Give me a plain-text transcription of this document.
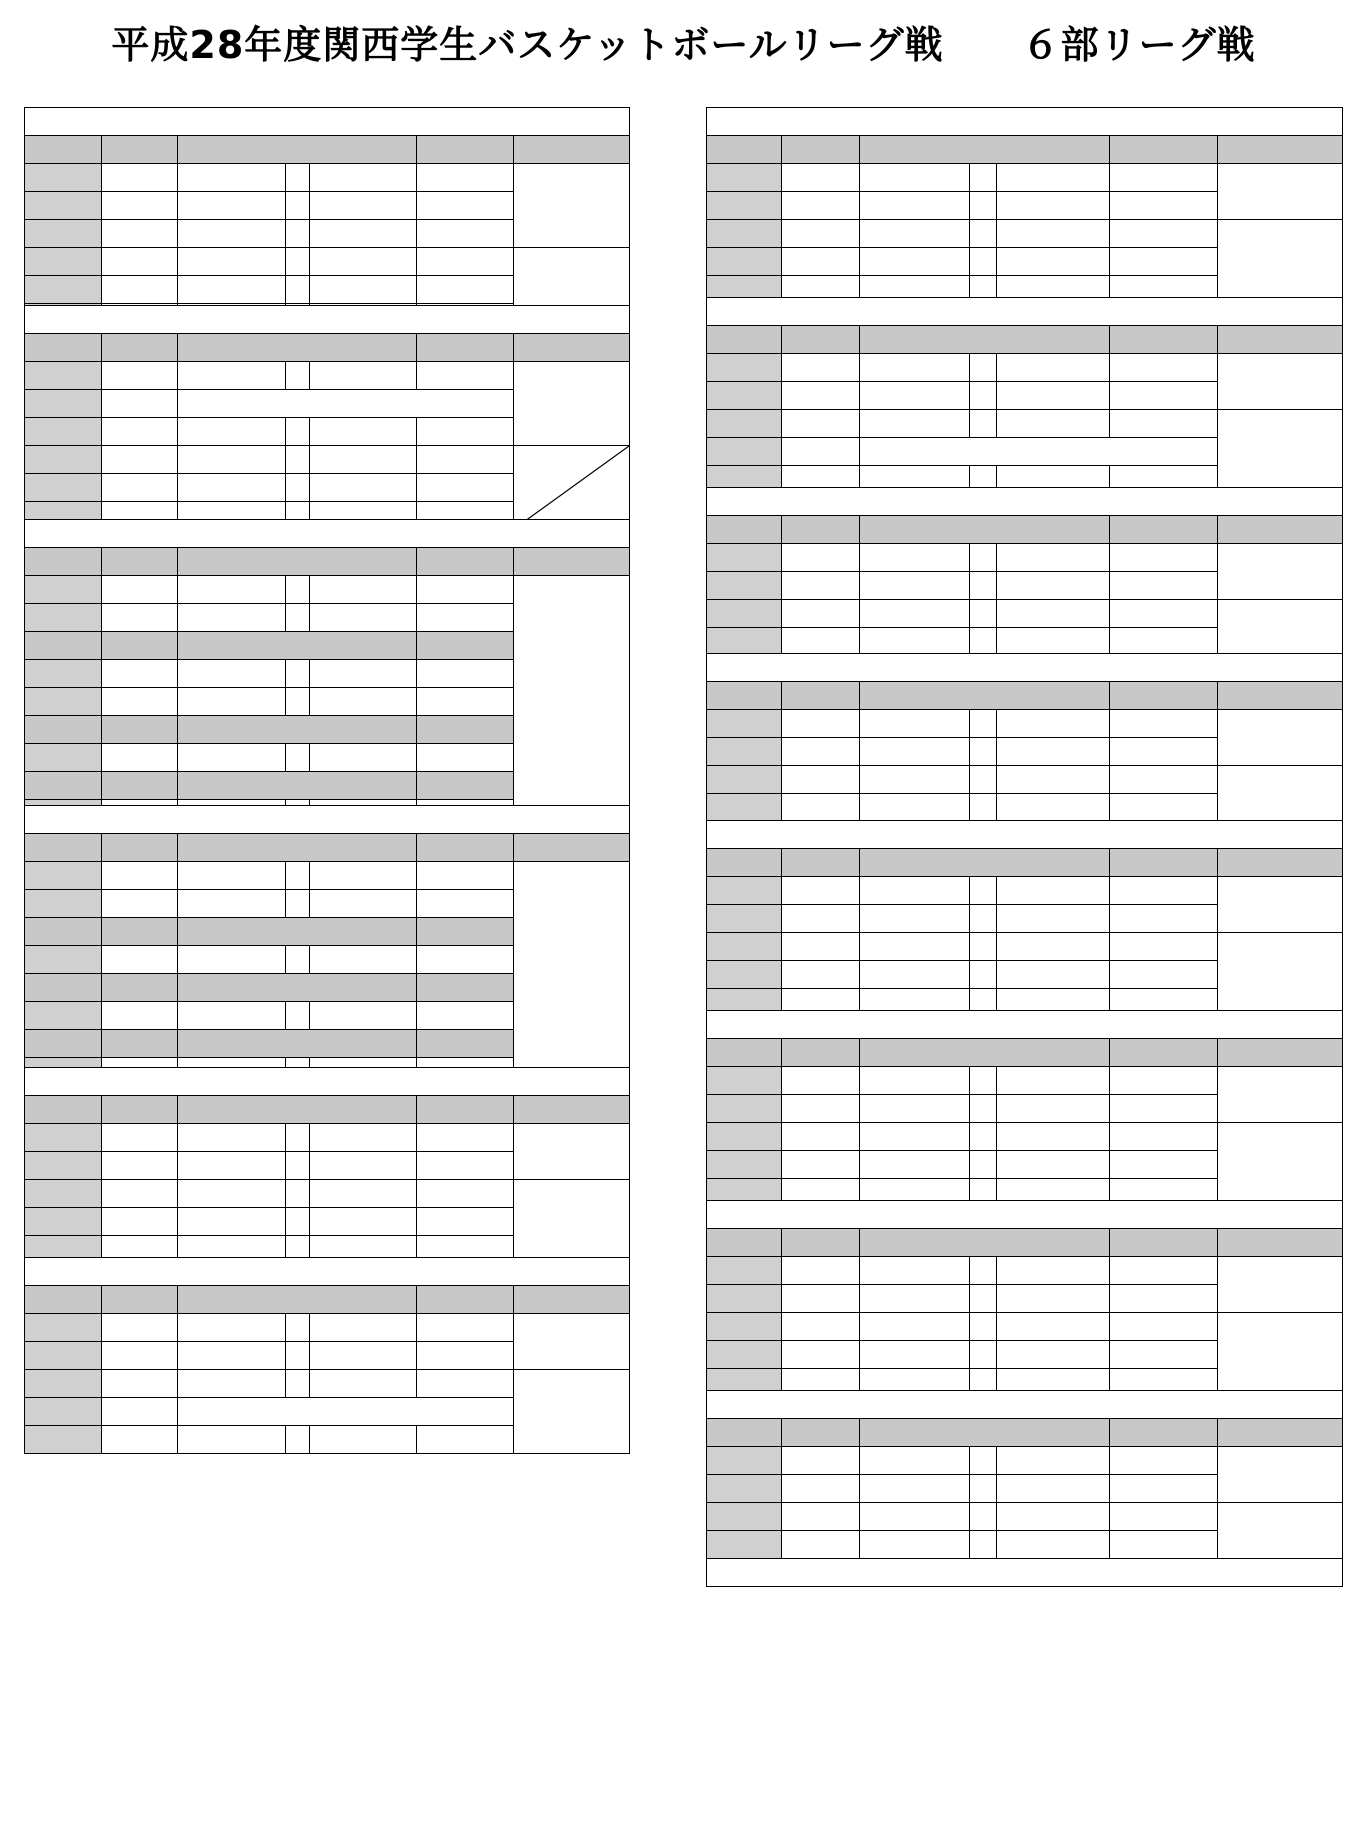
平成28年度関西学生バスケットボールリーグ戦　　６部リーグ戦
